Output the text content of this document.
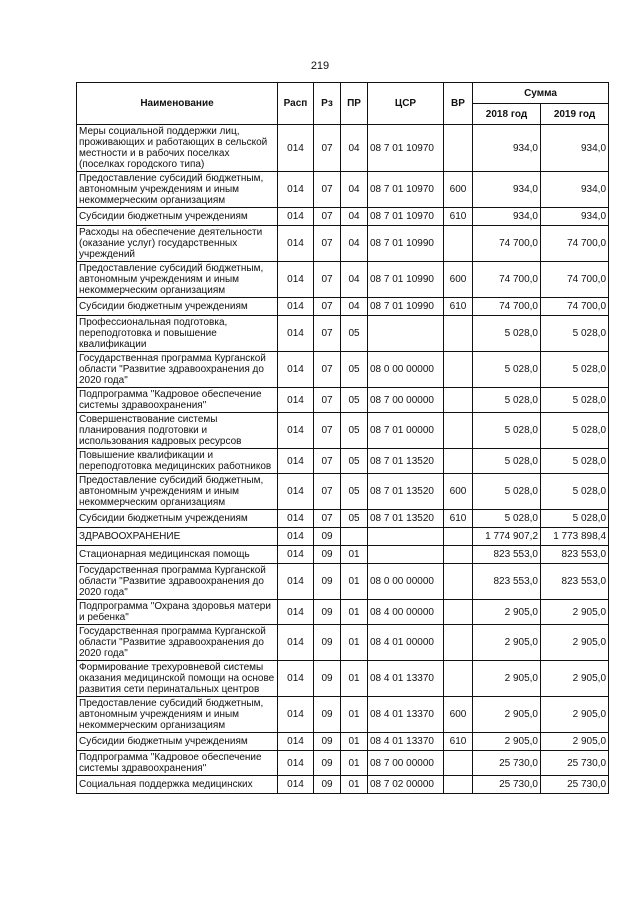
219
Наименование	Расп	Рз	ПР	ЦСР	ВР	Сумма	
						2018 год	2019 год
Меры социальной поддержки лиц, проживающих и работающих в сельской местности и в рабочих поселках (поселках городского типа)	014	07	04	08 7 01 10970		934,0	934,0
Предоставление субсидий бюджетным, автономным учреждениям и иным некоммерческим организациям	014	07	04	08 7 01 10970	600	934,0	934,0
Субсидии бюджетным учреждениям	014	07	04	08 7 01 10970	610	934,0	934,0
Расходы на обеспечение деятельности (оказание услуг) государственных учреждений	014	07	04	08 7 01 10990		74 700,0	74 700,0
Предоставление субсидий бюджетным, автономным учреждениям и иным некоммерческим организациям	014	07	04	08 7 01 10990	600	74 700,0	74 700,0
Субсидии бюджетным учреждениям	014	07	04	08 7 01 10990	610	74 700,0	74 700,0
Профессиональная подготовка, переподготовка и повышение квалификации	014	07	05			5 028,0	5 028,0
Государственная программа Курганской области "Развитие здравоохранения до 2020 года"	014	07	05	08 0 00 00000		5 028,0	5 028,0
Подпрограмма "Кадровое обеспечение системы здравоохранения"	014	07	05	08 7 00 00000		5 028,0	5 028,0
Совершенствование системы планирования подготовки и использования кадровых ресурсов	014	07	05	08 7 01 00000		5 028,0	5 028,0
Повышение квалификации и переподготовка медицинских работников	014	07	05	08 7 01 13520		5 028,0	5 028,0
Предоставление субсидий бюджетным, автономным учреждениям и иным некоммерческим организациям	014	07	05	08 7 01 13520	600	5 028,0	5 028,0
Субсидии бюджетным учреждениям	014	07	05	08 7 01 13520	610	5 028,0	5 028,0
ЗДРАВООХРАНЕНИЕ	014	09				1 774 907,2	1 773 898,4
Стационарная медицинская помощь	014	09	01			823 553,0	823 553,0
Государственная программа Курганской области "Развитие здравоохранения до 2020 года"	014	09	01	08 0 00 00000		823 553,0	823 553,0
Подпрограмма "Охрана здоровья матери и ребенка"	014	09	01	08 4 00 00000		2 905,0	2 905,0
Государственная программа Курганской области "Развитие здравоохранения до 2020 года"	014	09	01	08 4 01 00000		2 905,0	2 905,0
Формирование трехуровневой системы оказания медицинской помощи на основе развития сети перинатальных центров	014	09	01	08 4 01 13370		2 905,0	2 905,0
Предоставление субсидий бюджетным, автономным учреждениям и иным некоммерческим организациям	014	09	01	08 4 01 13370	600	2 905,0	2 905,0
Субсидии бюджетным учреждениям	014	09	01	08 4 01 13370	610	2 905,0	2 905,0
Подпрограмма "Кадровое обеспечение системы здравоохранения"	014	09	01	08 7 00 00000		25 730,0	25 730,0
Социальная поддержка медицинских	014	09	01	08 7 02 00000		25 730,0	25 730,0
